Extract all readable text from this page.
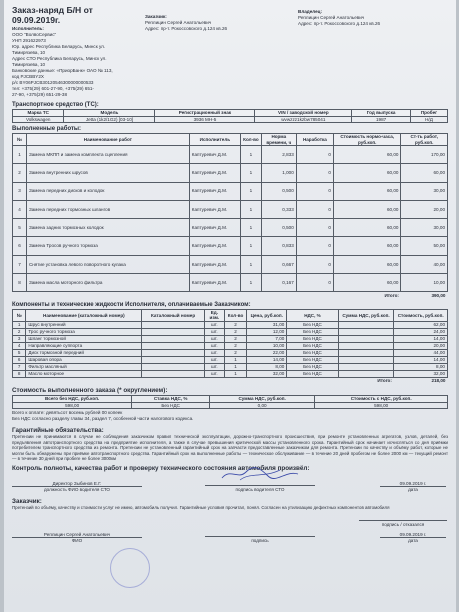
Заказ-наряд Б/Н от 09.09.2019г.
Исполнитель:
ООО "ВолвоСервис"
УНП 291622973
Юр. адрес Республика Беларусь, Минск ул.
Тимирязева, 10
Адрес СТО Республика Беларусь, Минск ул.
Тимирязева, 10
Банковские данные: «ПриорБанк» ОАО № 113,
код PJCBBY2X
р/с BY06PJCB30120546300000000533
тел: +375(29) 601-27-90, +375(29) 651-
27-90, +375(29) 651-29-38
Заказчик:
Реплицин Сергей Анатольевич
Адрес: пр-т. Рокоссовского д.124 кв.26
Владелец:
Реплицин Сергей Анатольевич
Адрес: пр-т. Рокоссовского д.124 кв.26
Транспортное средство (ТС):
Марка ТС	Модель	Регистрационный знак	VIN / заводской номер	Год выпуска	Пробег
Volkswagen	Jetta (1k2/1G2) [03-10]	3936 МН-5	wvwzzz1kzbw785041	1987	Н/Д
Выполненные работы:
№	Наименование работ	Исполнитель	Кол-во	Норма времени, ч	Наработка	Стоимость нормо-часа, руб.коп.	Ст-ть работ, руб.коп.
1	Замена МКПП и замена комплекта сцепления	Каптуревич Д.М.	1	2,833	0	60,00	170,00
2	Замена внутренних шрусов	Каптуревич Д.М.	1	1,000	0	60,00	60,00
3	Замена передних дисков и колодок	Каптуревич Д.М.	1	0,500	0	60,00	30,00
4	Замена передних тормозных шлангов	Каптуревич Д.М.	1	0,333	0	60,00	20,00
5	Замена задних тормозных колодок	Каптуревич Д.М.	1	0,500	0	60,00	30,00
6	Замена Тросов ручного тормоза	Каптуревич Д.М.	1	0,833	0	60,00	50,00
7	Снятие установка левого поворотного кулака	Каптуревич Д.М.	1	0,667	0	60,00	40,00
8	Замена масла моторного фильтра	Каптуревич Д.М.	1	0,167	0	60,00	10,00
						Итого:	390,00
Компоненты и технические жидкости Исполнителя, оплачиваемые Заказчиком:
№	Наименование (каталожный номер)	Каталожный номер	Ед. изм.	Кол-во	Цена, руб.коп.	НДС, %	Сумма НДС, руб.коп.	Стоимость, руб.коп.
1	Шрус внутренний		шт.	2	31,00	Без НДС		62,00
2	Трос ручного тормоза		шт.	2	12,00	Без НДС		24,00
3	Шланг тормозной		шт.	2	7,00	Без НДС		14,00
4	Направляющие суппорта		шт.	2	10,00	Без НДС		20,00
5	Диск тормозной передний		шт.	2	22,00	Без НДС		44,00
6	Шаровая опора		шт.	1	14,00	Без НДС		14,00
7	Фильтр масляный		шт.	1	8,00	Без НДС		8,00
8	Масло моторное		шт.	1	32,00	Без НДС		32,00
							Итого:	218,00
Стоимость выполненного заказа (* округлением):
Всего без НДС, руб.коп.	Ставка НДС, %	Сумма НДС, руб.коп.	Стоимость с НДС, руб.коп.
598,00	Без НДС	0,00	598,00
Всего к оплате: девятьсот восемь рублей 00 копеек
Без НДС согласно разделу главы 34, раздел 7, особенной части налогового кодекса.
Гарантийные обязательства:
Претензии не принимаются в случае не соблюдения заказчиком правил технической эксплуатации, дорожно-транспортного происшествия, при ремонте установленных агрегатов, узлов, деталей, без предъявления автотранспортного средства на предприятие исполнителя, а также в случае превышения критической массы установленного срока. Гарантийный срок начинает исчисляться со дня приёмки потребителем транспортного средства из ремонта. Претензии не установленный гарантийный срок на запчасти предоставленные заказчиком для ремонта. Претензии по качеству и объёму работ, которые не могли быть обнаружены при приёмке автотранспортного средства. Гарантийный срок на выполненные работы — техническое обслуживание — в течение 20 дней пробегом не более 2000 км — текущий ремонт — в течение 30 дней при пробеге не более 3000км
Контроль полноты, качества работ и проверку технического состояния автомобиля произвёл:
Директор Зыбинов Е.Г.
должность ФИО водителя СТО	подпись водителя СТО
09.09.2019 г.
дата
Заказчик:
Претензий по объёму, качеству и стоимости услуг не имею, автомобиль получил. Гарантийные условия прочитал, понял. Согласен на утилизацию дефектных компонентов автомобиля
подпись / отказался
Реплицин Сергей Анатольевич
ФИО	подпись
09.09.2019 г.
дата
